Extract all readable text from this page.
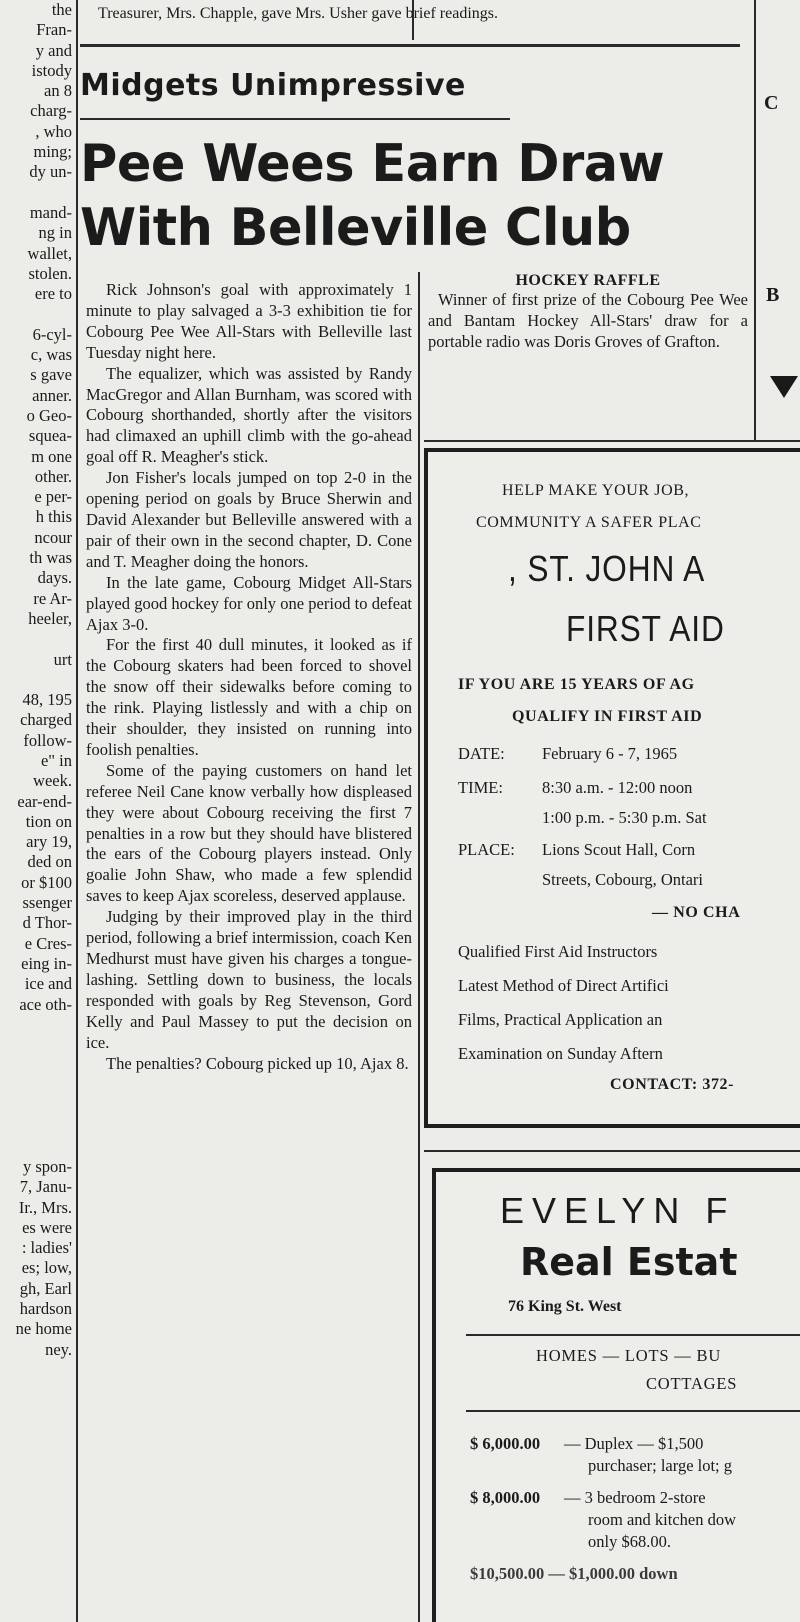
Treasurer, Mrs. Chapple, gave Mrs. Usher gave brief readings.
the
Fran-
y and
istody
an 8
charg-
, who
ming;
dy un-

mand-
ng in
wallet,
stolen.
ere to

6-cyl-
c, was
s gave
anner.
o Geo-
squea-
m one
other.
e per-
h this
ncour
th was
days.
re Ar-
heeler,

urt

48, 195
charged
follow-
e" in
week.
ear-end-
tion on
ary 19,
ded on
or $100
ssenger
d Thor-
e Cres-
eing in-
ice and
ace oth-

y spon-
7, Janu-
Ir., Mrs.
es were
: ladies'
es; low,
gh, Earl
hardson
ne home
ney.
Midgets Unimpressive
Pee Wees Earn Draw
With Belleville Club

Rick Johnson's goal with approximately 1 minute to play salvaged a 3-3 exhibition tie for Cobourg Pee Wee All-Stars with Belleville last Tuesday night here.

The equalizer, which was assisted by Randy MacGregor and Allan Burnham, was scored with Cobourg shorthanded, shortly after the visitors had climaxed an uphill climb with the go-ahead goal off R. Meagher's stick.

Jon Fisher's locals jumped on top 2-0 in the opening period on goals by Bruce Sherwin and David Alexander but Belleville answered with a pair of their own in the second chapter, D. Cone and T. Meagher doing the honors.

In the late game, Cobourg Midget All-Stars played good hockey for only one period to defeat Ajax 3-0.

For the first 40 dull minutes, it looked as if the Cobourg skaters had been forced to shovel the snow off their sidewalks before coming to the rink. Playing listlessly and with a chip on their shoulder, they insisted on running into foolish penalties.

Some of the paying customers on hand let referee Neil Cane know verbally how displeased they were about Cobourg receiving the first 7 penalties in a row but they should have blistered the ears of the Cobourg players instead. Only goalie John Shaw, who made a few splendid saves to keep Ajax scoreless, deserved applause.

Judging by their improved play in the third period, following a brief intermission, coach Ken Medhurst must have given his charges a tongue-lashing. Settling down to business, the locals responded with goals by Reg Stevenson, Gord Kelly and Paul Massey to put the decision on ice.

The penalties? Cobourg picked up 10, Ajax 8.

HOCKEY RAFFLE

Winner of first prize of the Cobourg Pee Wee and Bantam Hockey All-Stars' draw for a portable radio was Doris Groves of Grafton.

C
B
HELP MAKE YOUR JOB,
COMMUNITY A SAFER PLAC
, ST. JOHN A
FIRST AID
IF YOU ARE 15 YEARS OF AG
QUALIFY IN FIRST AID
DATE:	February 6 - 7, 1965
TIME:	8:30 a.m. - 12:00 noon
1:00 p.m. - 5:30 p.m. Sat
PLACE:	Lions Scout Hall, Corn
Streets, Cobourg, Ontari
— NO CHA
Qualified First Aid Instructors
Latest Method of Direct Artifici
Films, Practical Application an
Examination on Sunday Aftern
CONTACT: 372-
EVELYN F
Real Estat
76 King St. West
HOMES — LOTS — BU
COTTAGES
$ 6,000.00 — Duplex — $1,500
purchaser; large lot; g
$ 8,000.00 — 3 bedroom 2-store
room and kitchen dow
only $68.00.
$10,500.00 — $1,000.00 down
